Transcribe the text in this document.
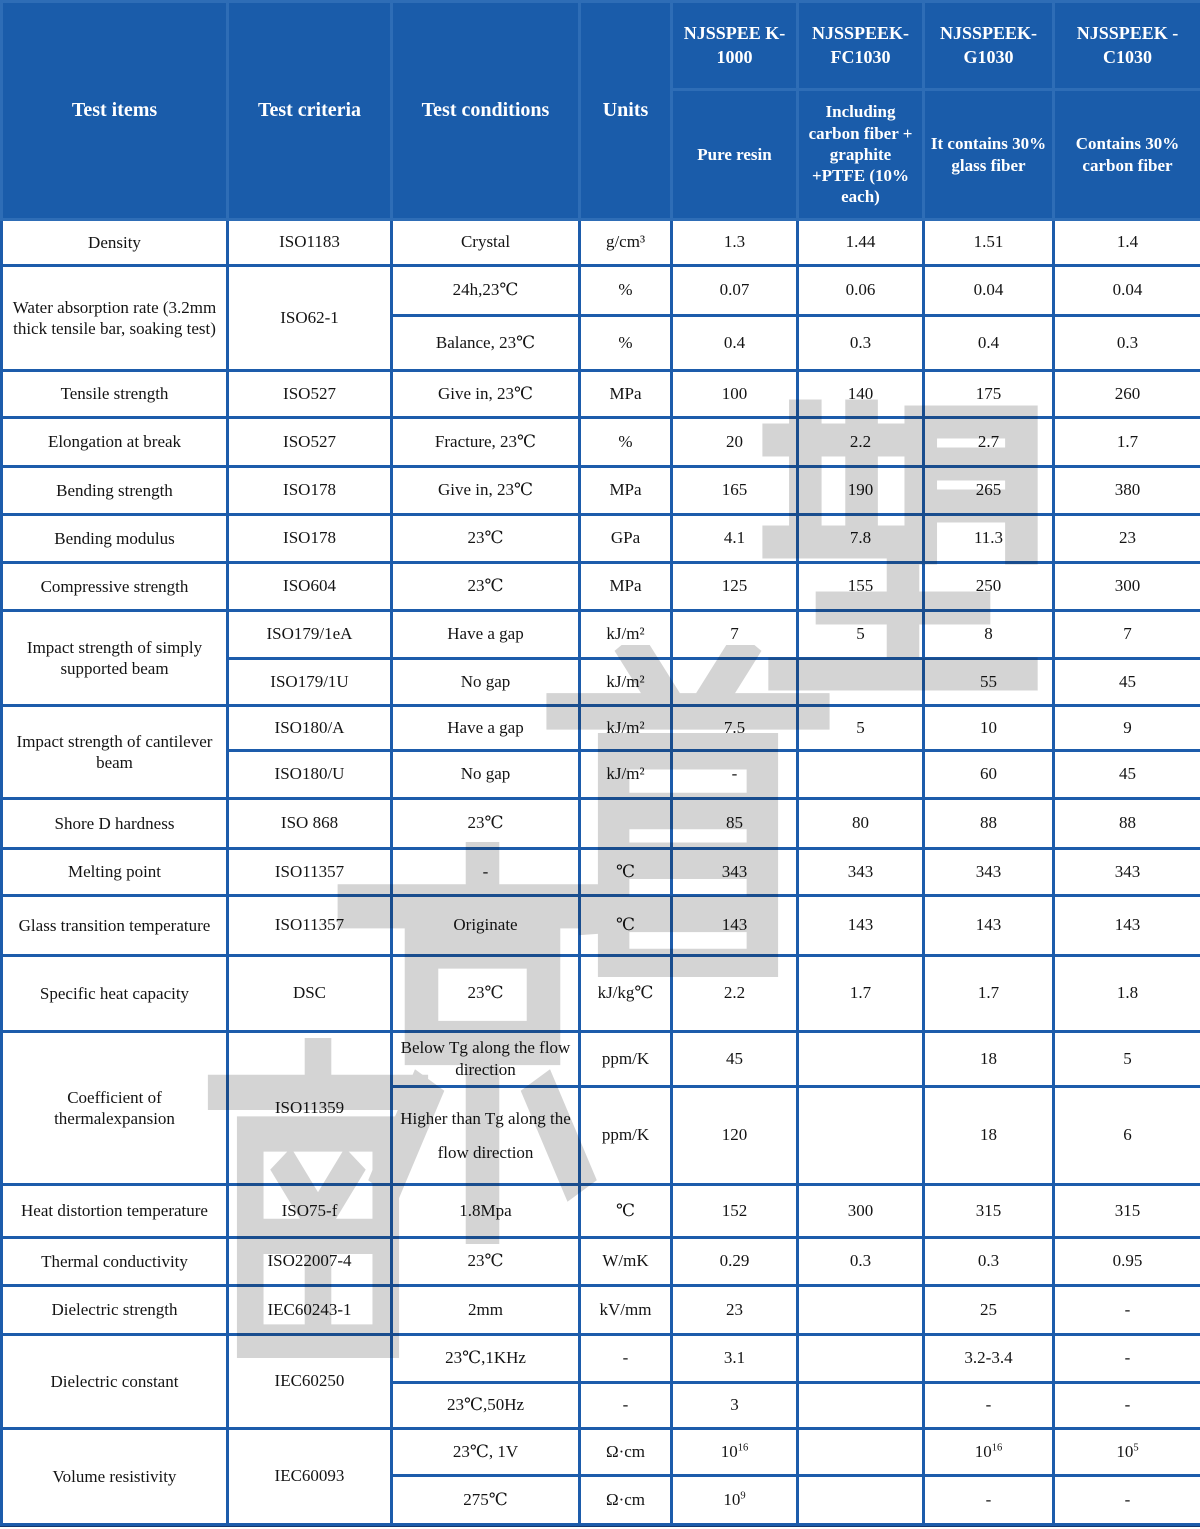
Test items	Test criteria	Test conditions	Units	NJSSPEE K-1000	NJSSPEEK- FC1030	NJSSPEEK- G1030	NJSSPEEK -C1030
				Pure resin	Including carbon fiber + graphite +PTFE (10% each)	It contains 30% glass fiber	Contains 30% carbon fiber
Density	ISO1183	Crystal	g/cm³	1.3	1.44	1.51	1.4
Water absorption rate (3.2mm thick tensile bar, soaking test)	ISO62-1	24h,23℃	%	0.07	0.06	0.04	0.04
		Balance, 23℃	%	0.4	0.3	0.4	0.3
Tensile strength	ISO527	Give in, 23℃	MPa	100	140	175	260
Elongation at break	ISO527	Fracture, 23℃	%	20	2.2	2.7	1.7
Bending strength	ISO178	Give in, 23℃	MPa	165	190	265	380
Bending modulus	ISO178	23℃	GPa	4.1	7.8	11.3	23
Compressive strength	ISO604	23℃	MPa	125	155	250	300
Impact strength of simply supported beam	ISO179/1eA	Have a gap	kJ/m²	7	5	8	7
	ISO179/1U	No gap	kJ/m²			55	45
Impact strength of cantilever beam	ISO180/A	Have a gap	kJ/m²	7.5	5	10	9
	ISO180/U	No gap	kJ/m²	-		60	45
Shore D hardness	ISO 868	23℃		85	80	88	88
Melting point	ISO11357	-	℃	343	343	343	343
Glass transition temperature	ISO11357	Originate	℃	143	143	143	143
Specific heat capacity	DSC	23℃	kJ/kg℃	2.2	1.7	1.7	1.8
Coefficient of thermalexpansion	ISO11359	Below Tg along the flow direction	ppm/K	45		18	5
		Higher than Tg along the flow direction	ppm/K	120		18	6
Heat distortion temperature	ISO75-f	1.8Mpa	℃	152	300	315	315
Thermal conductivity	ISO22007-4	23℃	W/mK	0.29	0.3	0.3	0.95
Dielectric strength	IEC60243-1	2mm	kV/mm	23		25	-
Dielectric constant	IEC60250	23℃,1KHz	-	3.1		3.2-3.4	-
		23℃,50Hz	-	3		-	-
Volume resistivity	IEC60093	23℃, 1V	Ω·cm	$10^{16}$		$10^{16}$	$10^5$
		275℃	Ω·cm	$10^9$		-	-
